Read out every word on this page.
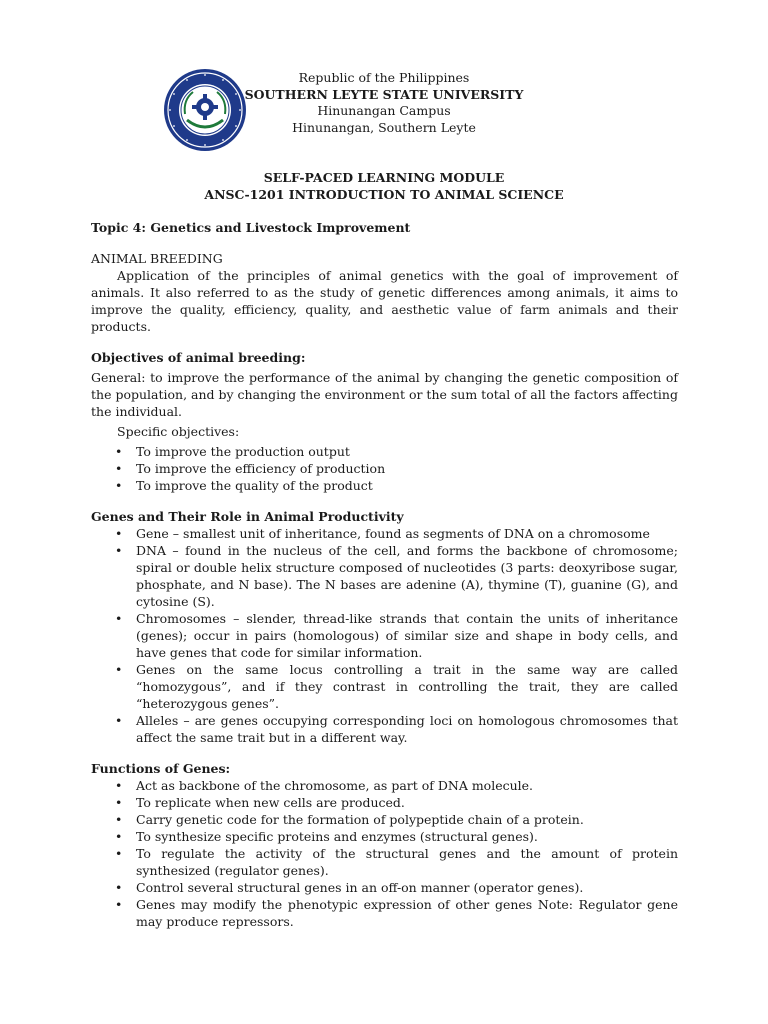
Republic of the Philippines
SOUTHERN LEYTE STATE UNIVERSITY
Hinunangan Campus
Hinunangan, Southern Leyte
SELF-PACED LEARNING MODULE
ANSC-1201 INTRODUCTION TO ANIMAL SCIENCE

Topic 4: Genetics and Livestock Improvement

ANIMAL BREEDING

Application of the principles of animal genetics with the goal of improvement of animals. It also referred to as the study of genetic differences among animals, it aims to improve the quality, efficiency, quality, and aesthetic value of farm animals and their products.

Objectives of animal breeding:

General: to improve the performance of the animal by changing the genetic composition of the population, and by changing the environment or the sum total of all the factors affecting the individual.

Specific objectives:

• To improve the production output
• To improve the efficiency of production
• To improve the quality of the product

Genes and Their Role in Animal Productivity

• Gene – smallest unit of inheritance, found as segments of DNA on a chromosome
• DNA – found in the nucleus of the cell, and forms the backbone of chromosome; spiral or double helix structure composed of nucleotides (3 parts: deoxyribose sugar, phosphate, and N base). The N bases are adenine (A), thymine (T), guanine (G), and cytosine (S).
• Chromosomes – slender, thread-like strands that contain the units of inheritance (genes); occur in pairs (homologous) of similar size and shape in body cells, and have genes that code for similar information.
• Genes on the same locus controlling a trait in the same way are called “homozygous”, and if they contrast in controlling the trait, they are called “heterozygous genes”.
• Alleles – are genes occupying corresponding loci on homologous chromosomes that affect the same trait but in a different way.

Functions of Genes:

• Act as backbone of the chromosome, as part of DNA molecule.
• To replicate when new cells are produced.
• Carry genetic code for the formation of polypeptide chain of a protein.
• To synthesize specific proteins and enzymes (structural genes).
• To regulate the activity of the structural genes and the amount of protein synthesized (regulator genes).
• Control several structural genes in an off-on manner (operator genes).
• Genes may modify the phenotypic expression of other genes Note: Regulator gene may produce repressors.
